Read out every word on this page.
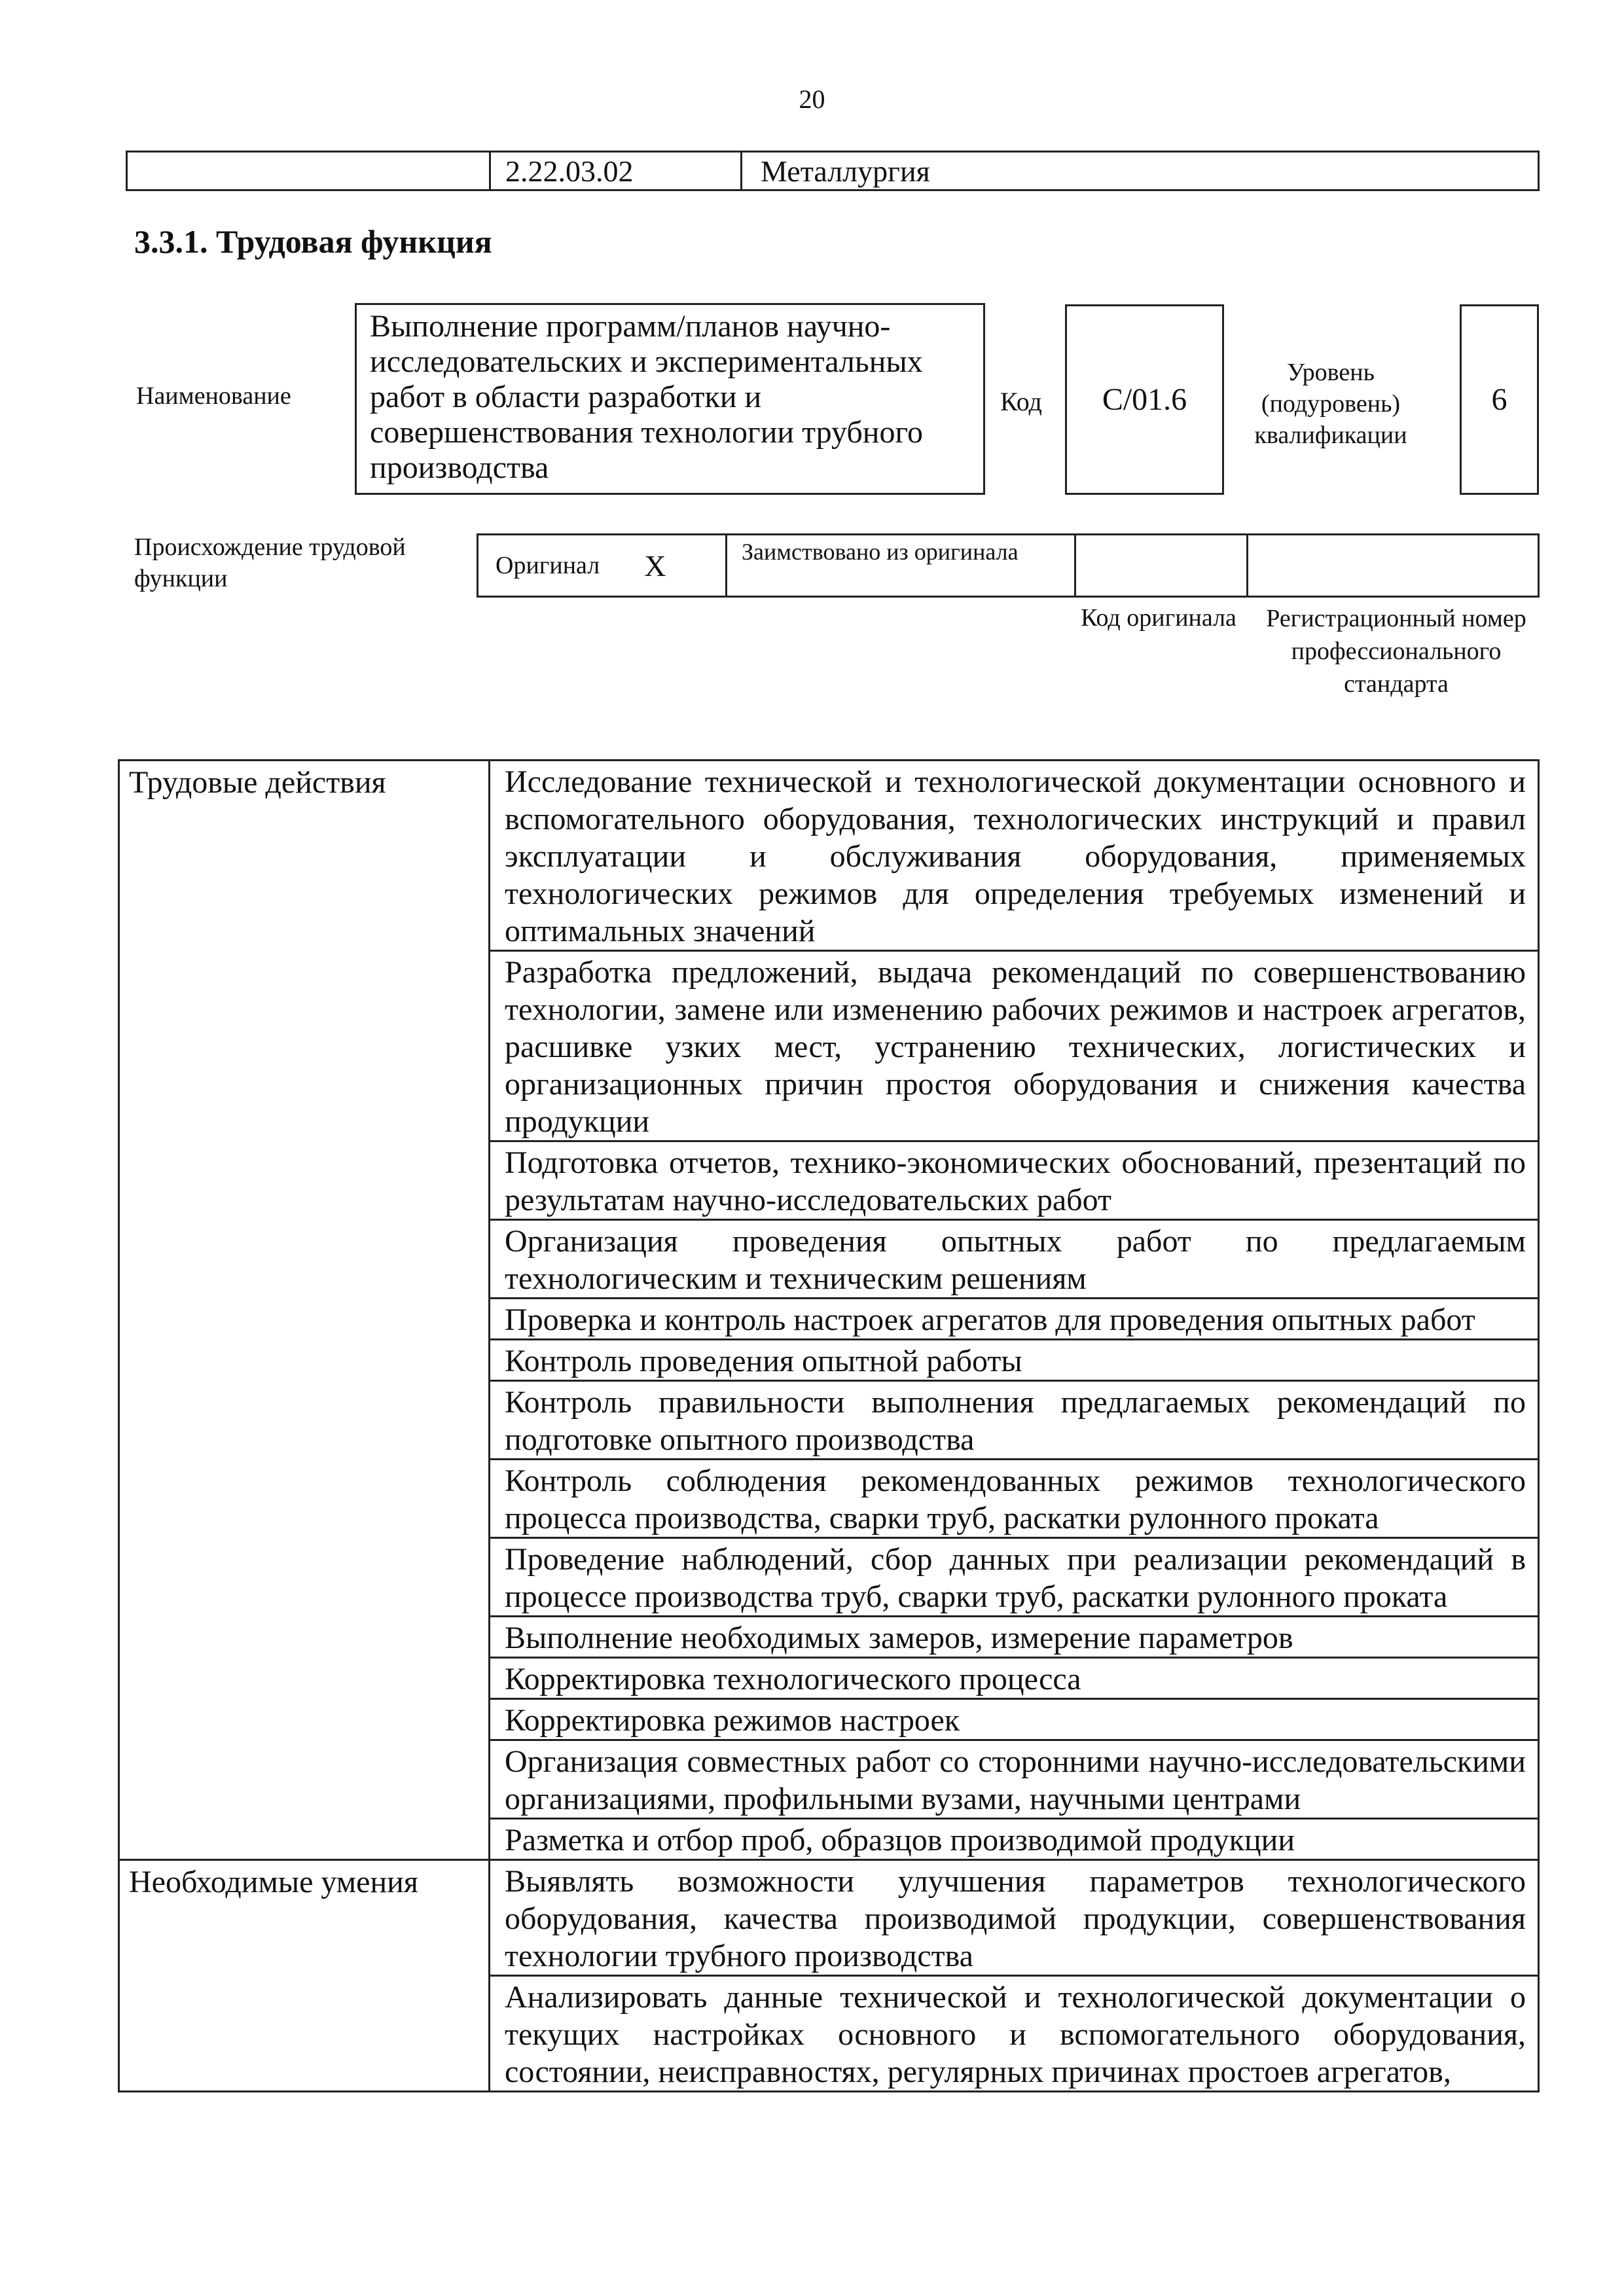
20
2.22.03.02	Металлургия
3.3.1. Трудовая функция
Наименование
Выполнение программ/планов научно-исследовательских и экспериментальных работ в области разработки и совершенствования технологии трубного производства
Код C/01.6
Уровень (подуровень) квалификации
6
Происхождение трудовой функции	Оригинал X	Заимствовано из оригинала
Код оригинала	Регистрационный номер профессионального стандарта
Трудовые действия	Исследование технической и технологической документации основного и вспомогательного оборудования, технологических инструкций и правил эксплуатации и обслуживания оборудования, применяемых технологических режимов для определения требуемых изменений и оптимальных значений
	Разработка предложений, выдача рекомендаций по совершенствованию технологии, замене или изменению рабочих режимов и настроек агрегатов, расшивке узких мест, устранению технических, логистических и организационных причин простоя оборудования и снижения качества продукции
	Подготовка отчетов, технико-экономических обоснований, презентаций по результатам научно-исследовательских работ
	Организация проведения опытных работ по предлагаемым технологическим и техническим решениям
	Проверка и контроль настроек агрегатов для проведения опытных работ
	Контроль проведения опытной работы
	Контроль правильности выполнения предлагаемых рекомендаций по подготовке опытного производства
	Контроль соблюдения рекомендованных режимов технологического процесса производства, сварки труб, раскатки рулонного проката
	Проведение наблюдений, сбор данных при реализации рекомендаций в процессе производства труб, сварки труб, раскатки рулонного проката
	Выполнение необходимых замеров, измерение параметров
	Корректировка технологического процесса
	Корректировка режимов настроек
	Организация совместных работ со сторонними научно-исследовательскими организациями, профильными вузами, научными центрами
	Разметка и отбор проб, образцов производимой продукции
Необходимые умения	Выявлять возможности улучшения параметров технологического оборудования, качества производимой продукции, совершенствования технологии трубного производства
	Анализировать данные технической и технологической документации о текущих настройках основного и вспомогательного оборудования, состоянии, неисправностях, регулярных причинах простоев агрегатов,
